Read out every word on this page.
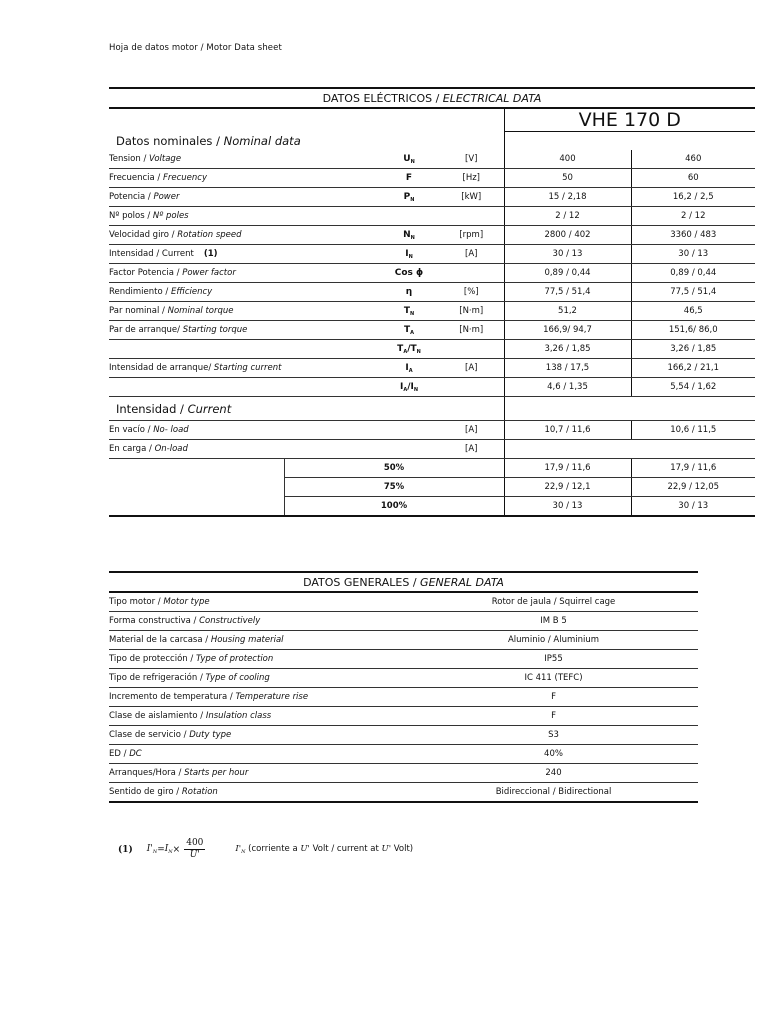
Hoja de datos motor / Motor Data sheet
DATOS ELÉCTRICOS / ELECTRICAL DATA					
				VHE 170 D	
Datos nominales / Nominal data					
Tension / Voltage		$U_N$	[V]	400	460
Frecuencia / Frecuency		F	[Hz]	50	60
Potencia / Power		$P_N$	[kW]	15 / 2,18	16,2 / 2,5
Nº polos / Nº poles				2 / 12	2 / 12
Velocidad giro / Rotation speed		$N_N$	[rpm]	2800 / 402	3360 / 483
Intensidad / Current (1)		$I_N$	[A]	30 / 13	30 / 13
Factor Potencia / Power factor		Cos ϕ		0,89 / 0,44	0,89 / 0,44
Rendimiento / Efficiency		η	[%]	77,5 / 51,4	77,5 / 51,4
Par nominal / Nominal torque		$T_N$	[N·m]	51,2	46,5
Par de arranque/ Starting torque		$T_A$	[N·m]	166,9/ 94,7	151,6/ 86,0
		$T_A/T_N$		3,26 / 1,85	3,26 / 1,85
Intensidad de arranque/ Starting current		$I_A$	[A]	138 / 17,5	166,2 / 21,1
		$I_A/I_N$		4,6 / 1,35	5,54 / 1,62
Intensidad / Current					
En vacío / No- load			[A]	10,7 / 11,6	10,6 / 11,5
En carga / On-load			[A]		
	50%			17,9 / 11,6	17,9 / 11,6
	75%			22,9 / 12,1	22,9 / 12,05
	100%			30 / 13	30 / 13
DATOS GENERALES / GENERAL DATA	
Tipo motor / Motor type	Rotor de jaula / Squirrel cage
Forma constructiva / Constructively	IM B 5
Material de la carcasa / Housing material	Aluminio / Aluminium
Tipo de protección / Type of protection	IP55
Tipo de refrigeración / Type of cooling	IC 411 (TEFC)
Incremento de temperatura / Temperature rise	F
Clase de aislamiento / Insulation class	F
Clase de servicio / Duty type	S3
ED / DC	40%
Arranques/Hora / Starts per hour	240
Sentido de giro / Rotation	Bidireccional / Bidirectional
(1) $I'_N = I_N \times \frac{400}{U'}$	$I'_N$ (corriente a U' Volt / current at U' Volt)
